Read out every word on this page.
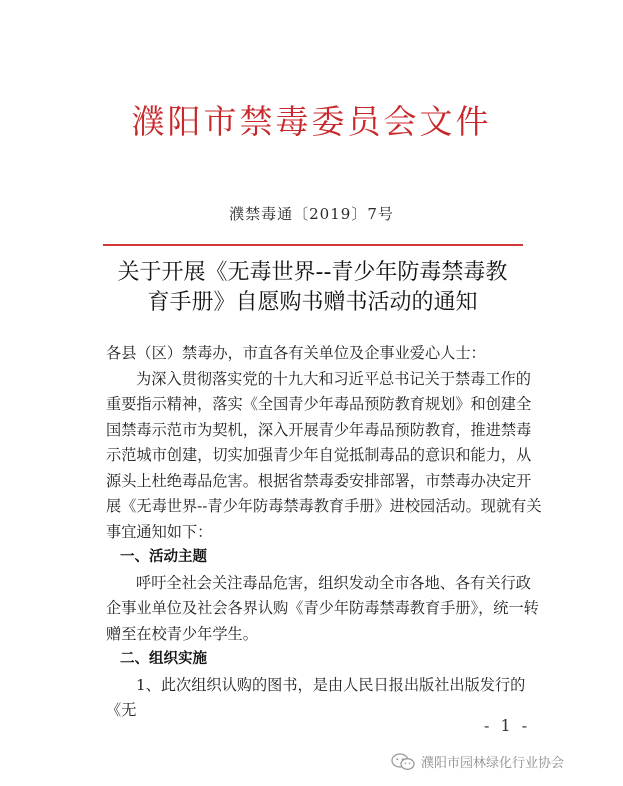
濮阳市禁毒委员会文件
濮禁毒通〔2019〕7号
关于开展《无毒世界--青少年防毒禁毒教
育手册》自愿购书赠书活动的通知

各县（区）禁毒办，市直各有关单位及企事业爱心人士：

为深入贯彻落实党的十九大和习近平总书记关于禁毒工作的重要指示精神，落实《全国青少年毒品预防教育规划》和创建全国禁毒示范市为契机，深入开展青少年毒品预防教育，推进禁毒示范城市创建，切实加强青少年自觉抵制毒品的意识和能力，从源头上杜绝毒品危害。根据省禁毒委安排部署，市禁毒办决定开展《无毒世界--青少年防毒禁毒教育手册》进校园活动。现就有关事宜通知如下：

一、活动主题

呼吁全社会关注毒品危害，组织发动全市各地、各有关行政企事业单位及社会各界认购《青少年防毒禁毒教育手册》，统一转赠至在校青少年学生。

二、组织实施

1、此次组织认购的图书，是由人民日报出版社出版发行的《无

- 1 -
濮阳市园林绿化行业协会
